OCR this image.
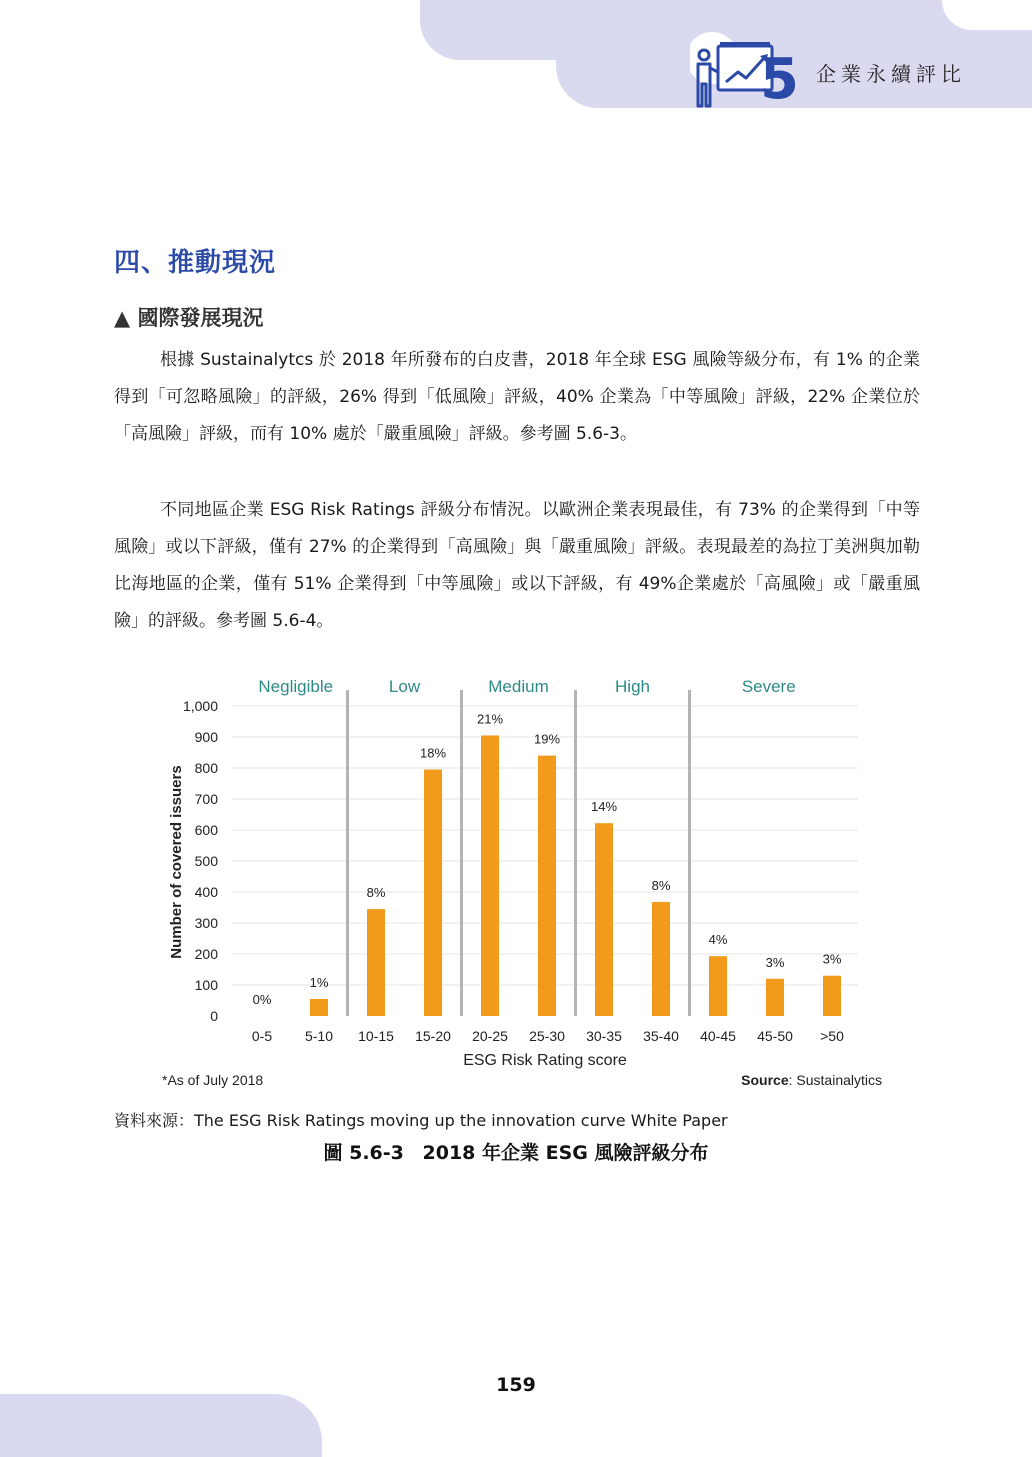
5 企業永續評比
四、推動現況
▲ 國際發展現況

根據 Sustainalytcs 於 2018 年所發布的白皮書，2018 年全球 ESG 風險等級分布，有 1% 的企業得到「可忽略風險」的評級，26% 得到「低風險」評級，40% 企業為「中等風險」評級，22% 企業位於「高風險」評級，而有 10% 處於「嚴重風險」評級。參考圖 5.6-3。

不同地區企業 ESG Risk Ratings 評級分布情況。以歐洲企業表現最佳，有 73% 的企業得到「中等風險」或以下評級，僅有 27% 的企業得到「高風險」與「嚴重風險」評級。表現最差的為拉丁美洲與加勒比海地區的企業，僅有 51% 企業得到「中等風險」或以下評級，有 49%企業處於「高風險」或「嚴重風險」的評級。參考圖 5.6-4。

0%
1%
8%
18%
21%
19%
14%
8%
4%
3%	3%
0
100
200
300
400
500
600
700
800
900
1,000
0-5 5-10 10-15 15-20 20-25 25-30 30-35 35-40 40-45 45-50 >50
Negligible	Low	Medium	High	Severe
ESG Risk Rating score
Number of covered issuers
*As of July 2018	Source: Sustainalytics
資料來源：The ESG Risk Ratings moving up the innovation curve White Paper
圖 5.6-3 2018 年企業 ESG 風險評級分布
159
